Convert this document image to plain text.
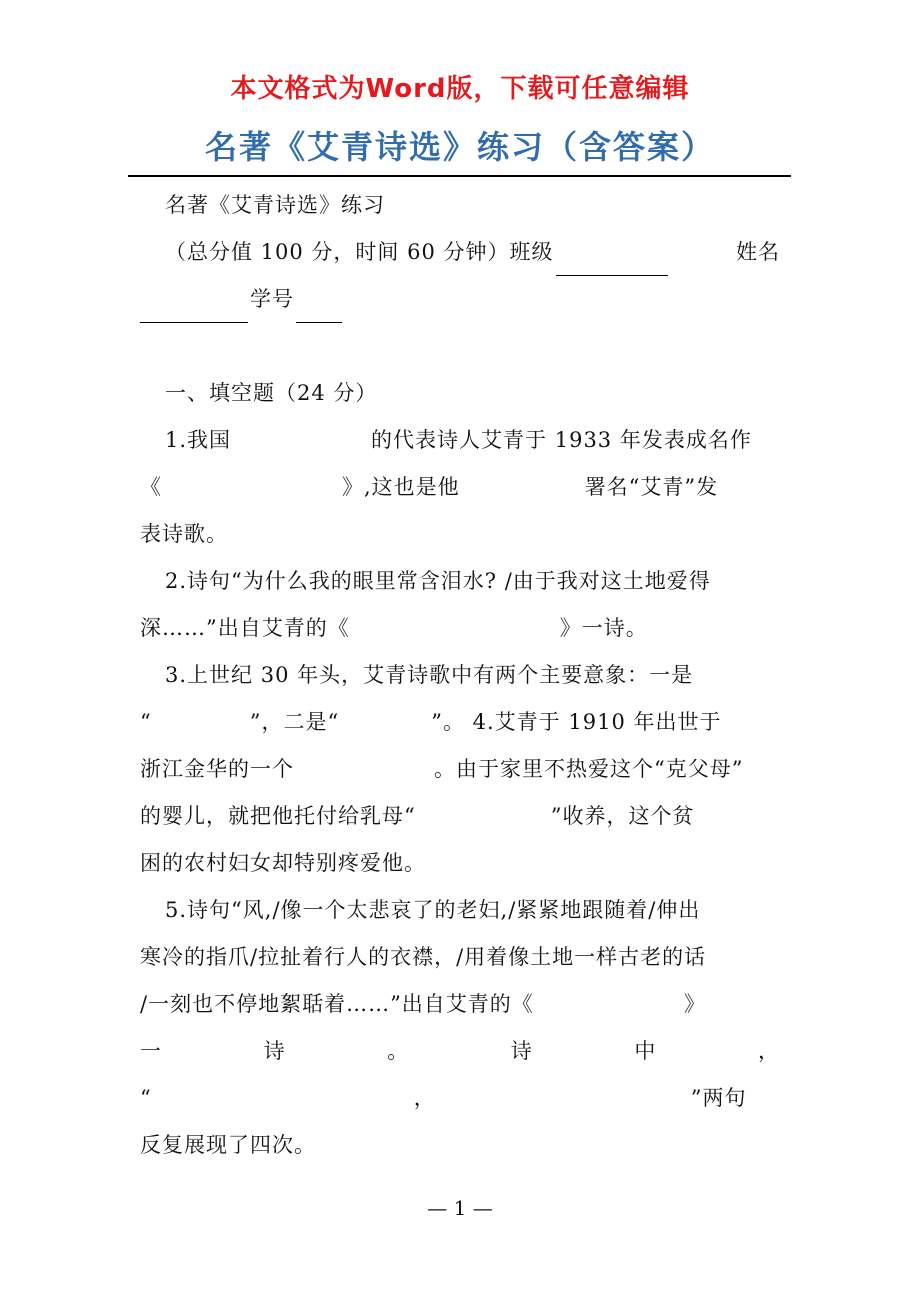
本文格式为Word版，下载可任意编辑
名著《艾青诗选》练习（含答案）
名著《艾青诗选》练习
（总分值 100 分，时间 60 分钟）班级	姓名
学号
一、填空题（24 分）
1.我国	的代表诗人艾青于 1933 年发表成名作
《	》,这也是他	署名“艾青”发
表诗歌。
2.诗句“为什么我的眼里常含泪水? /由于我对这土地爱得
深……”出自艾青的《	》一诗。
3.上世纪 30 年头，艾青诗歌中有两个主要意象：一是
“	”，二是“	”。 4.艾青于 1910 年出世于
浙江金华的一个	。由于家里不热爱这个“克父母”
的婴儿，就把他托付给乳母“	”收养，这个贫
困的农村妇女却特别疼爱他。
5.诗句“风,/像一个太悲哀了的老妇,/紧紧地跟随着/伸出
寒冷的指爪/拉扯着行人的衣襟，/用着像土地一样古老的话
/一刻也不停地絮聒着……”出自艾青的《	》
一	诗	。	诗	中	，
“	，	”两句
反复展现了四次。
— 1 —
